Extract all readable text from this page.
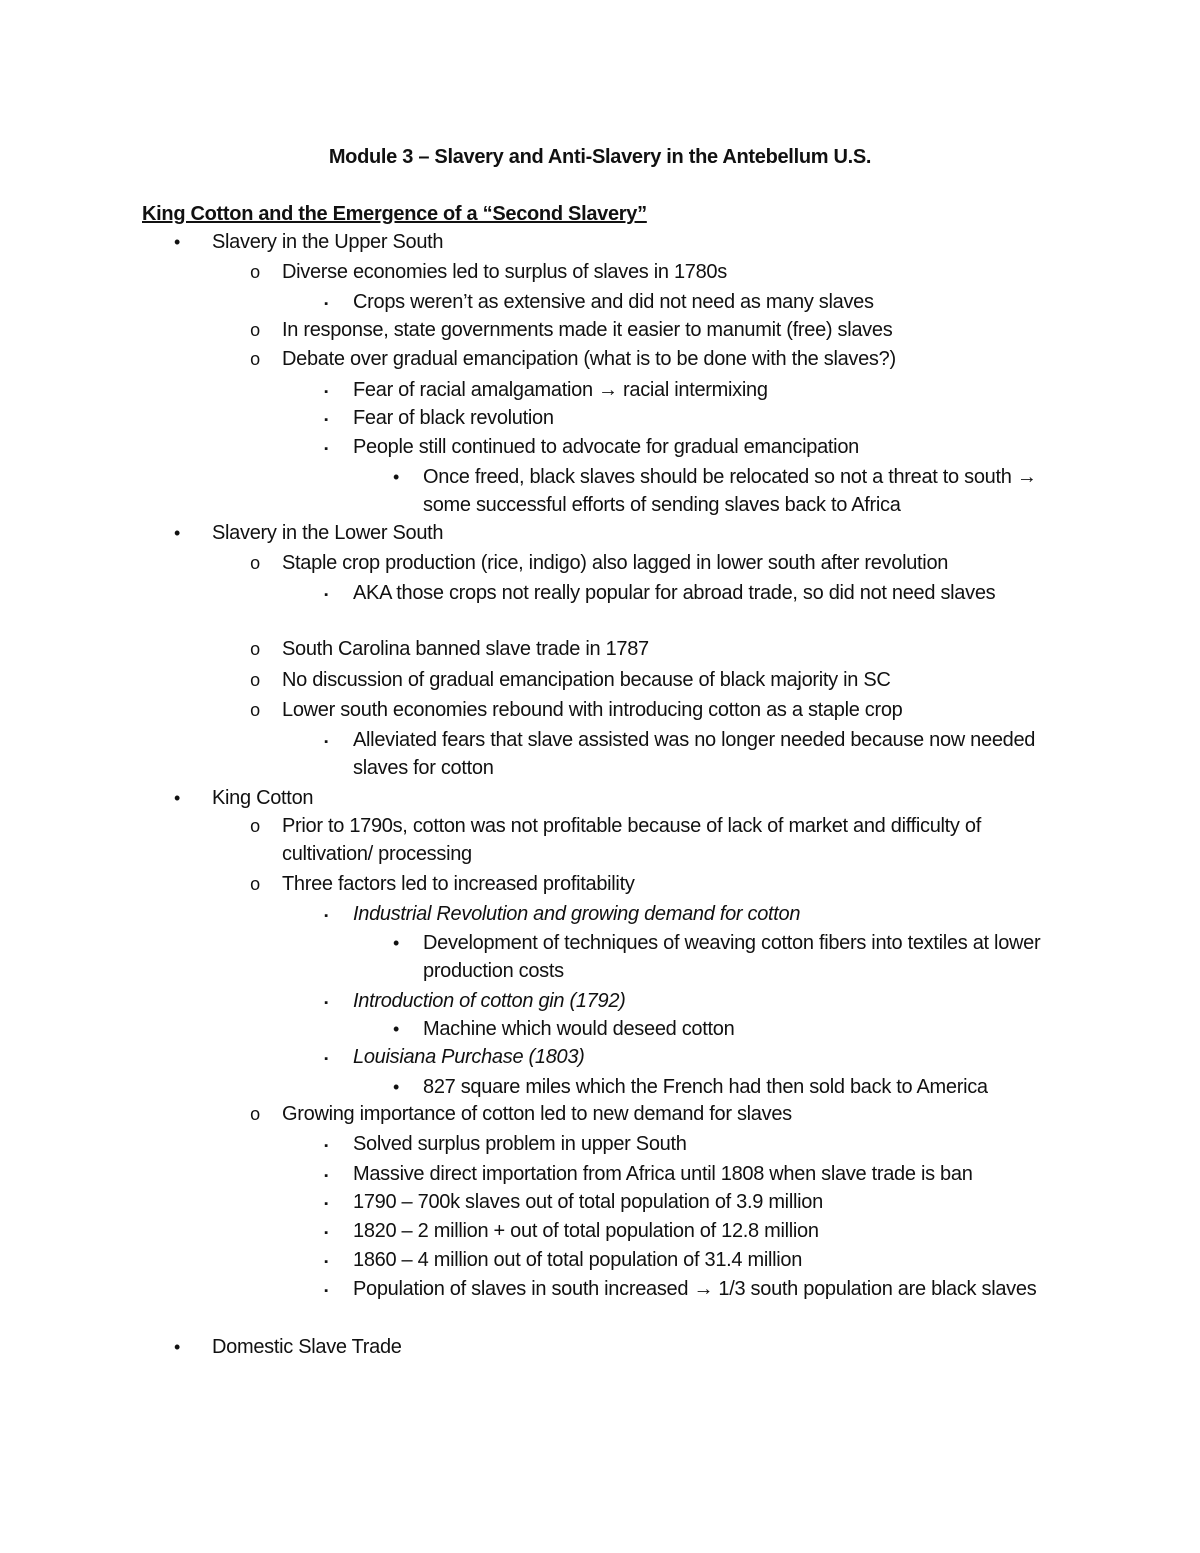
Module 3 – Slavery and Anti-Slavery in the Antebellum U.S.
King Cotton and the Emergence of a “Second Slavery”
• Slavery in the Upper South
o Diverse economies led to surplus of slaves in 1780s
▪ Crops weren’t as extensive and did not need as many slaves
o In response, state governments made it easier to manumit (free) slaves
o Debate over gradual emancipation (what is to be done with the slaves?)
▪ Fear of racial amalgamation → racial intermixing
▪ Fear of black revolution
▪ People still continued to advocate for gradual emancipation
• Once freed, black slaves should be relocated so not a threat to south → some successful efforts of sending slaves back to Africa
• Slavery in the Lower South
o Staple crop production (rice, indigo) also lagged in lower south after revolution
▪ AKA those crops not really popular for abroad trade, so did not need slaves
o South Carolina banned slave trade in 1787
o No discussion of gradual emancipation because of black majority in SC
o Lower south economies rebound with introducing cotton as a staple crop
▪ Alleviated fears that slave assisted was no longer needed because now needed slaves for cotton
• King Cotton
o Prior to 1790s, cotton was not profitable because of lack of market and difficulty of cultivation/ processing
o Three factors led to increased profitability
▪ Industrial Revolution and growing demand for cotton
• Development of techniques of weaving cotton fibers into textiles at lower production costs
▪ Introduction of cotton gin (1792)
• Machine which would deseed cotton
▪ Louisiana Purchase (1803)
• 827 square miles which the French had then sold back to America
o Growing importance of cotton led to new demand for slaves
▪ Solved surplus problem in upper South
▪ Massive direct importation from Africa until 1808 when slave trade is ban
▪ 1790 – 700k slaves out of total population of 3.9 million
▪ 1820 – 2 million + out of total population of 12.8 million
▪ 1860 – 4 million out of total population of 31.4 million
▪ Population of slaves in south increased → 1/3 south population are black slaves
• Domestic Slave Trade
